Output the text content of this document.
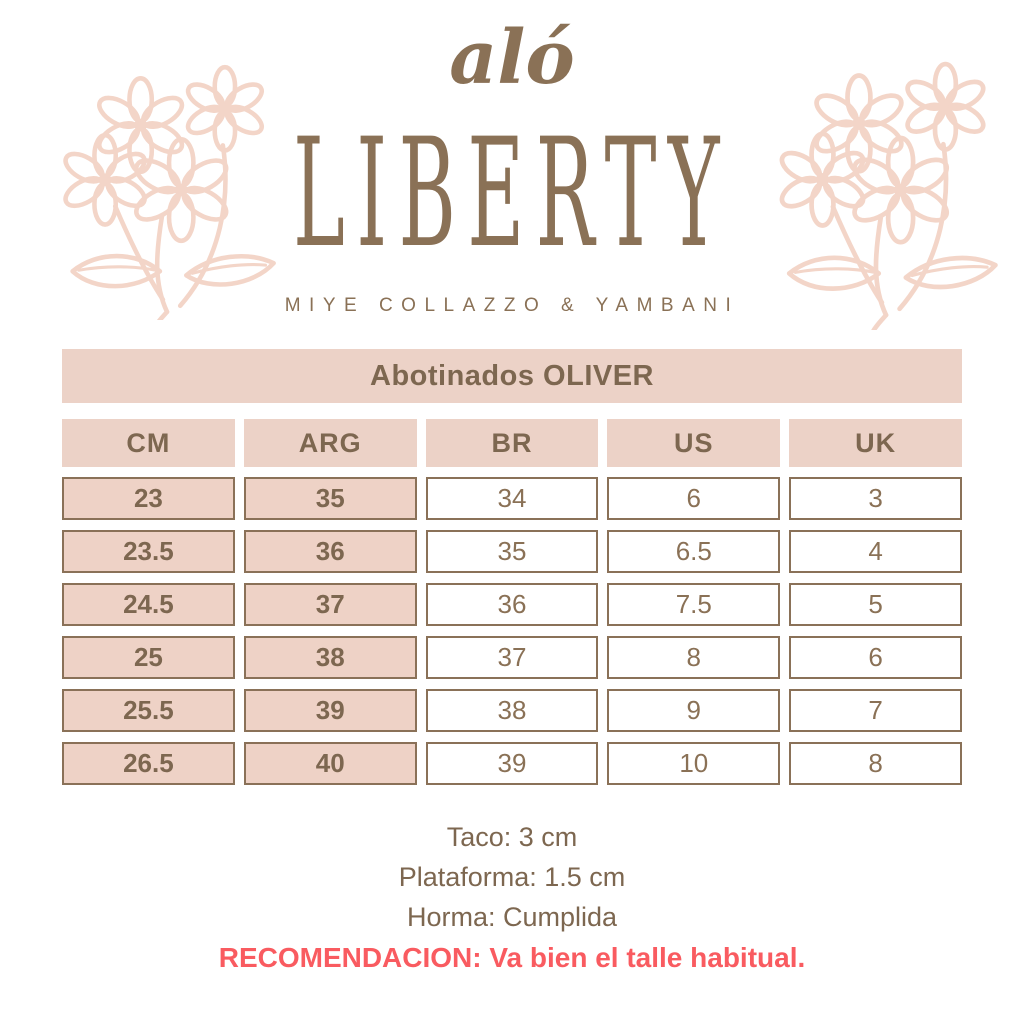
aló
LIBERTY
MIYE COLLAZZO & YAMBANI
Abotinados OLIVER
CM	ARG	BR	US	UK
23	35	34	6	3
23.5	36	35	6.5	4
24.5	37	36	7.5	5
25	38	37	8	6
25.5	39	38	9	7
26.5	40	39	10	8
Taco: 3 cm
Plataforma: 1.5 cm
Horma: Cumplida
RECOMENDACION: Va bien el talle habitual.
